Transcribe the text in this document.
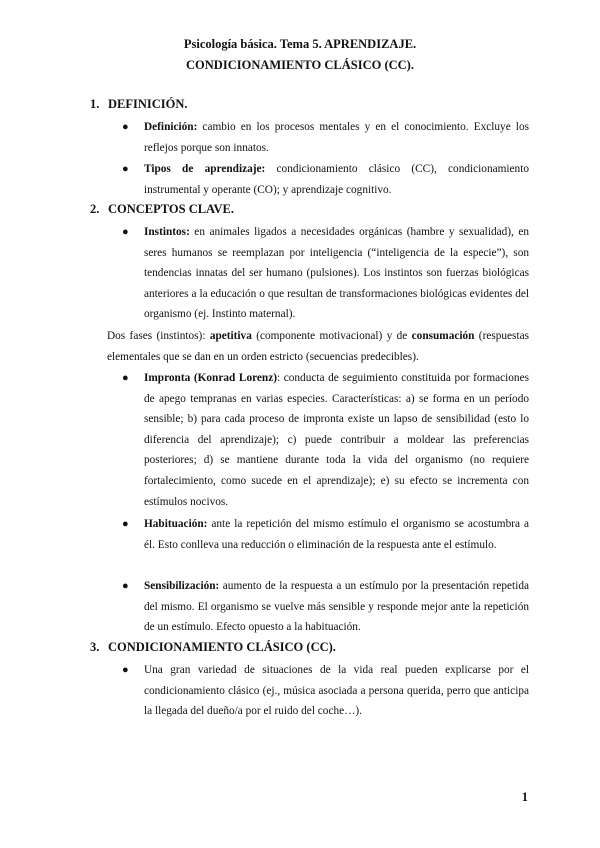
Psicología básica. Tema 5. APRENDIZAJE.
CONDICIONAMIENTO CLÁSICO (CC).
1. DEFINICIÓN.
● Definición: cambio en los procesos mentales y en el conocimiento. Excluye los reflejos porque son innatos.
● Tipos de aprendizaje: condicionamiento clásico (CC), condicionamiento instrumental y operante (CO); y aprendizaje cognitivo.
2. CONCEPTOS CLAVE.
● Instintos: en animales ligados a necesidades orgánicas (hambre y sexualidad), en seres humanos se reemplazan por inteligencia (“inteligencia de la especie”), son tendencias innatas del ser humano (pulsiones). Los instintos son fuerzas biológicas anteriores a la educación o que resultan de transformaciones biológicas evidentes del organismo (ej. Instinto maternal).
Dos fases (instintos): apetitiva (componente motivacional) y de consumación (respuestas elementales que se dan en un orden estricto (secuencias predecibles).
● Impronta (Konrad Lorenz): conducta de seguimiento constituida por formaciones de apego tempranas en varias especies. Características: a) se forma en un período sensible; b) para cada proceso de impronta existe un lapso de sensibilidad (esto lo diferencia del aprendizaje); c) puede contribuir a moldear las preferencias posteriores; d) se mantiene durante toda la vida del organismo (no requiere fortalecimiento, como sucede en el aprendizaje); e) su efecto se incrementa con estímulos nocivos.
● Habituación: ante la repetición del mismo estímulo el organismo se acostumbra a él. Esto conlleva una reducción o eliminación de la respuesta ante el estímulo.
● Sensibilización: aumento de la respuesta a un estímulo por la presentación repetida del mismo. El organismo se vuelve más sensible y responde mejor ante la repetición de un estímulo. Efecto opuesto a la habituación.
3. CONDICIONAMIENTO CLÁSICO (CC).
● Una gran variedad de situaciones de la vida real pueden explicarse por el condicionamiento clásico (ej., música asociada a persona querida, perro que anticipa la llegada del dueño/a por el ruido del coche…).
1
